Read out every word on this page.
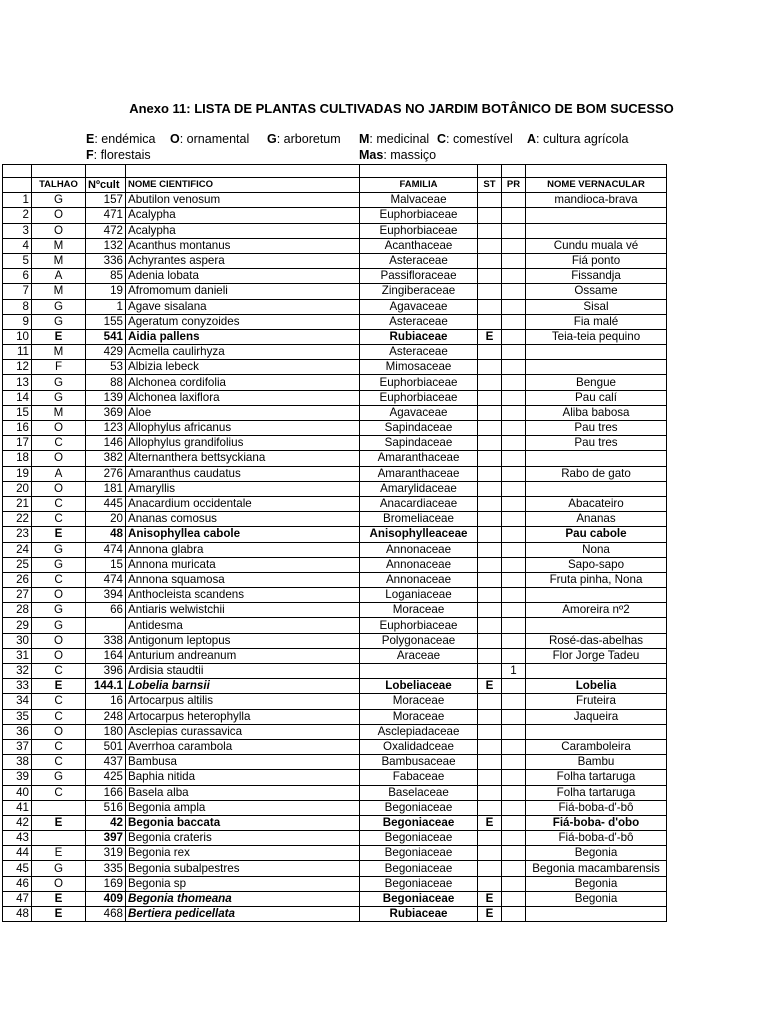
Anexo 11: LISTA DE PLANTAS CULTIVADAS NO JARDIM BOTÂNICO DE BOM SUCESSO
E: endémica O: ornamental G: arboretum M: medicinal C: comestível A: cultura agrícola
F: florestais	Mas: massiço

	TALHAO	Nºcult	NOME CIENTIFICO	FAMILIA	ST	PR	NOME VERNACULAR
1	G	157	Abutilon venosum	Malvaceae			mandioca-brava
2	O	471	Acalypha	Euphorbiaceae			
3	O	472	Acalypha	Euphorbiaceae			
4	M	132	Acanthus montanus	Acanthaceae			Cundu muala vé
5	M	336	Achyrantes aspera	Asteraceae			Fiá ponto
6	A	85	Adenia lobata	Passifloraceae			Fissandja
7	M	19	Afromomum danieli	Zingiberaceae			Ossame
8	G	1	Agave sisalana	Agavaceae			Sisal
9	G	155	Ageratum conyzoides	Asteraceae			Fia malé
10	E	541	Aidia pallens	Rubiaceae	E		Teia-teia pequino
11	M	429	Acmella caulirhyza	Asteraceae			
12	F	53	Albizia lebeck	Mimosaceae			
13	G	88	Alchonea cordifolia	Euphorbiaceae			Bengue
14	G	139	Alchonea laxiflora	Euphorbiaceae			Pau calí
15	M	369	Aloe	Agavaceae			Aliba babosa
16	O	123	Allophylus africanus	Sapindaceae			Pau tres
17	C	146	Allophylus grandifolius	Sapindaceae			Pau tres
18	O	382	Alternanthera bettsyckiana	Amaranthaceae			
19	A	276	Amaranthus caudatus	Amaranthaceae			Rabo de gato
20	O	181	Amaryllis	Amarylidaceae			
21	C	445	Anacardium occidentale	Anacardiaceae			Abacateiro
22	C	20	Ananas comosus	Bromeliaceae			Ananas
23	E	48	Anisophyllea cabole	Anisophylleaceae			Pau cabole
24	G	474	Annona glabra	Annonaceae			Nona
25	G	15	Annona muricata	Annonaceae			Sapo-sapo
26	C	474	Annona squamosa	Annonaceae			Fruta pinha, Nona
27	O	394	Anthocleista scandens	Loganiaceae			
28	G	66	Antiaris welwistchii	Moraceae			Amoreira nº2
29	G		Antidesma	Euphorbiaceae			
30	O	338	Antigonum leptopus	Polygonaceae			Rosé-das-abelhas
31	O	164	Anturium andreanum	Araceae			Flor Jorge Tadeu
32	C	396	Ardisia staudtii			1	
33	E	144.1	Lobelia barnsii	Lobeliaceae	E		Lobelia
34	C	16	Artocarpus altilis	Moraceae			Fruteira
35	C	248	Artocarpus heterophylla	Moraceae			Jaqueira
36	O	180	Asclepias curassavica	Asclepiadaceae			
37	C	501	Averrhoa carambola	Oxalidadceae			Caramboleira
38	C	437	Bambusa	Bambusaceae			Bambu
39	G	425	Baphia nitida	Fabaceae			Folha tartaruga
40	C	166	Basela alba	Baselaceae			Folha tartaruga
41		516	Begonia ampla	Begoniaceae			Fiá-boba-d'-bô
42	E	42	Begonia baccata	Begoniaceae	E		Fiá-boba- d'obo
43		397	Begonia crateris	Begoniaceae			Fiá-boba-d'-bô
44	E	319	Begonia rex	Begoniaceae			Begonia
45	G	335	Begonia subalpestres	Begoniaceae			Begonia macambarensis
46	O	169	Begonia sp	Begoniaceae			Begonia
47	E	409	Begonia thomeana	Begoniaceae	E		Begonia
48	E	468	Bertiera pedicellata	Rubiaceae	E		
